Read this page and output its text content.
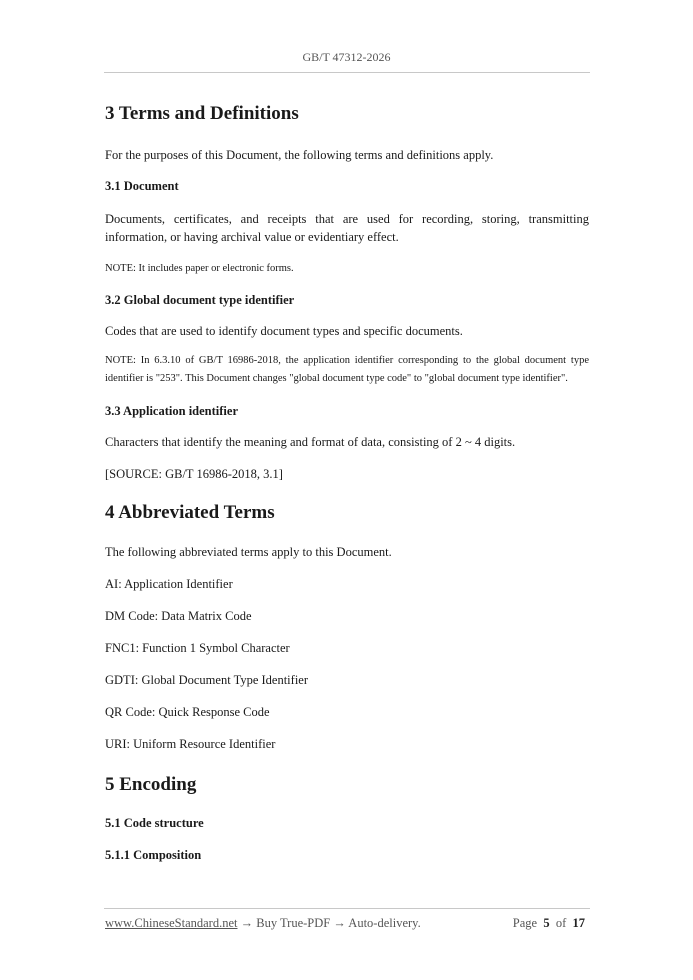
GB/T 47312-2026
3 Terms and Definitions

For the purposes of this Document, the following terms and definitions apply.

3.1 Document

Documents, certificates, and receipts that are used for recording, storing, transmitting information, or having archival value or evidentiary effect.

NOTE: It includes paper or electronic forms.

3.2 Global document type identifier

Codes that are used to identify document types and specific documents.

NOTE: In 6.3.10 of GB/T 16986-2018, the application identifier corresponding to the global document type identifier is "253". This Document changes "global document type code" to "global document type identifier".

3.3 Application identifier

Characters that identify the meaning and format of data, consisting of 2 ~ 4 digits.

[SOURCE: GB/T 16986-2018, 3.1]

4 Abbreviated Terms

The following abbreviated terms apply to this Document.

AI: Application Identifier

DM Code: Data Matrix Code

FNC1: Function 1 Symbol Character

GDTI: Global Document Type Identifier

QR Code: Quick Response Code

URI: Uniform Resource Identifier

5 Encoding
5.1 Code structure
5.1.1 Composition
www.ChineseStandard.net → Buy True-PDF → Auto-delivery.	Page 5 of 17
